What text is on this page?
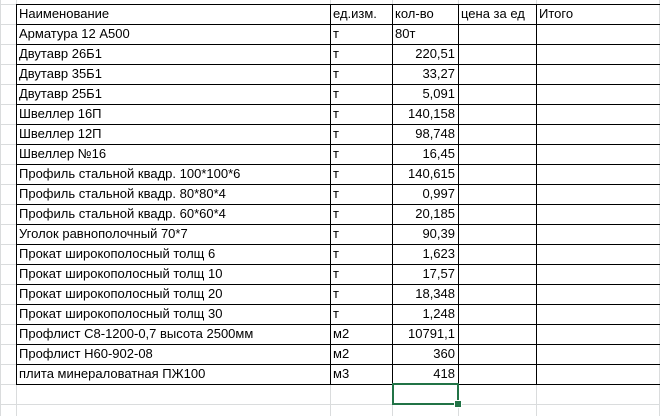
Наименование	ед.изм.	кол-во	цена за ед	Итого
Арматура 12 А500	т	80т
Двутавр 26Б1	т	220,51
Двутавр 35Б1	т	33,27
Двутавр 25Б1	т	5,091
Швеллер 16П	т	140,158
Швеллер 12П	т	98,748
Швеллер №16	т	16,45
Профиль стальной квадр. 100*100*6	т	140,615
Профиль стальной квадр. 80*80*4	т	0,997
Профиль стальной квадр. 60*60*4	т	20,185
Уголок равнополочный 70*7	т	90,39
Прокат широкополосный толщ 6	т	1,623
Прокат широкополосный толщ 10	т	17,57
Прокат широкополосный толщ 20	т	18,348
Прокат широкополосный толщ 30	т	1,248
Профлист С8-1200-0,7 высота 2500мм	м2	10791,1
Профлист Н60-902-08	м2	360
плита минераловатная ПЖ100	м3	418
